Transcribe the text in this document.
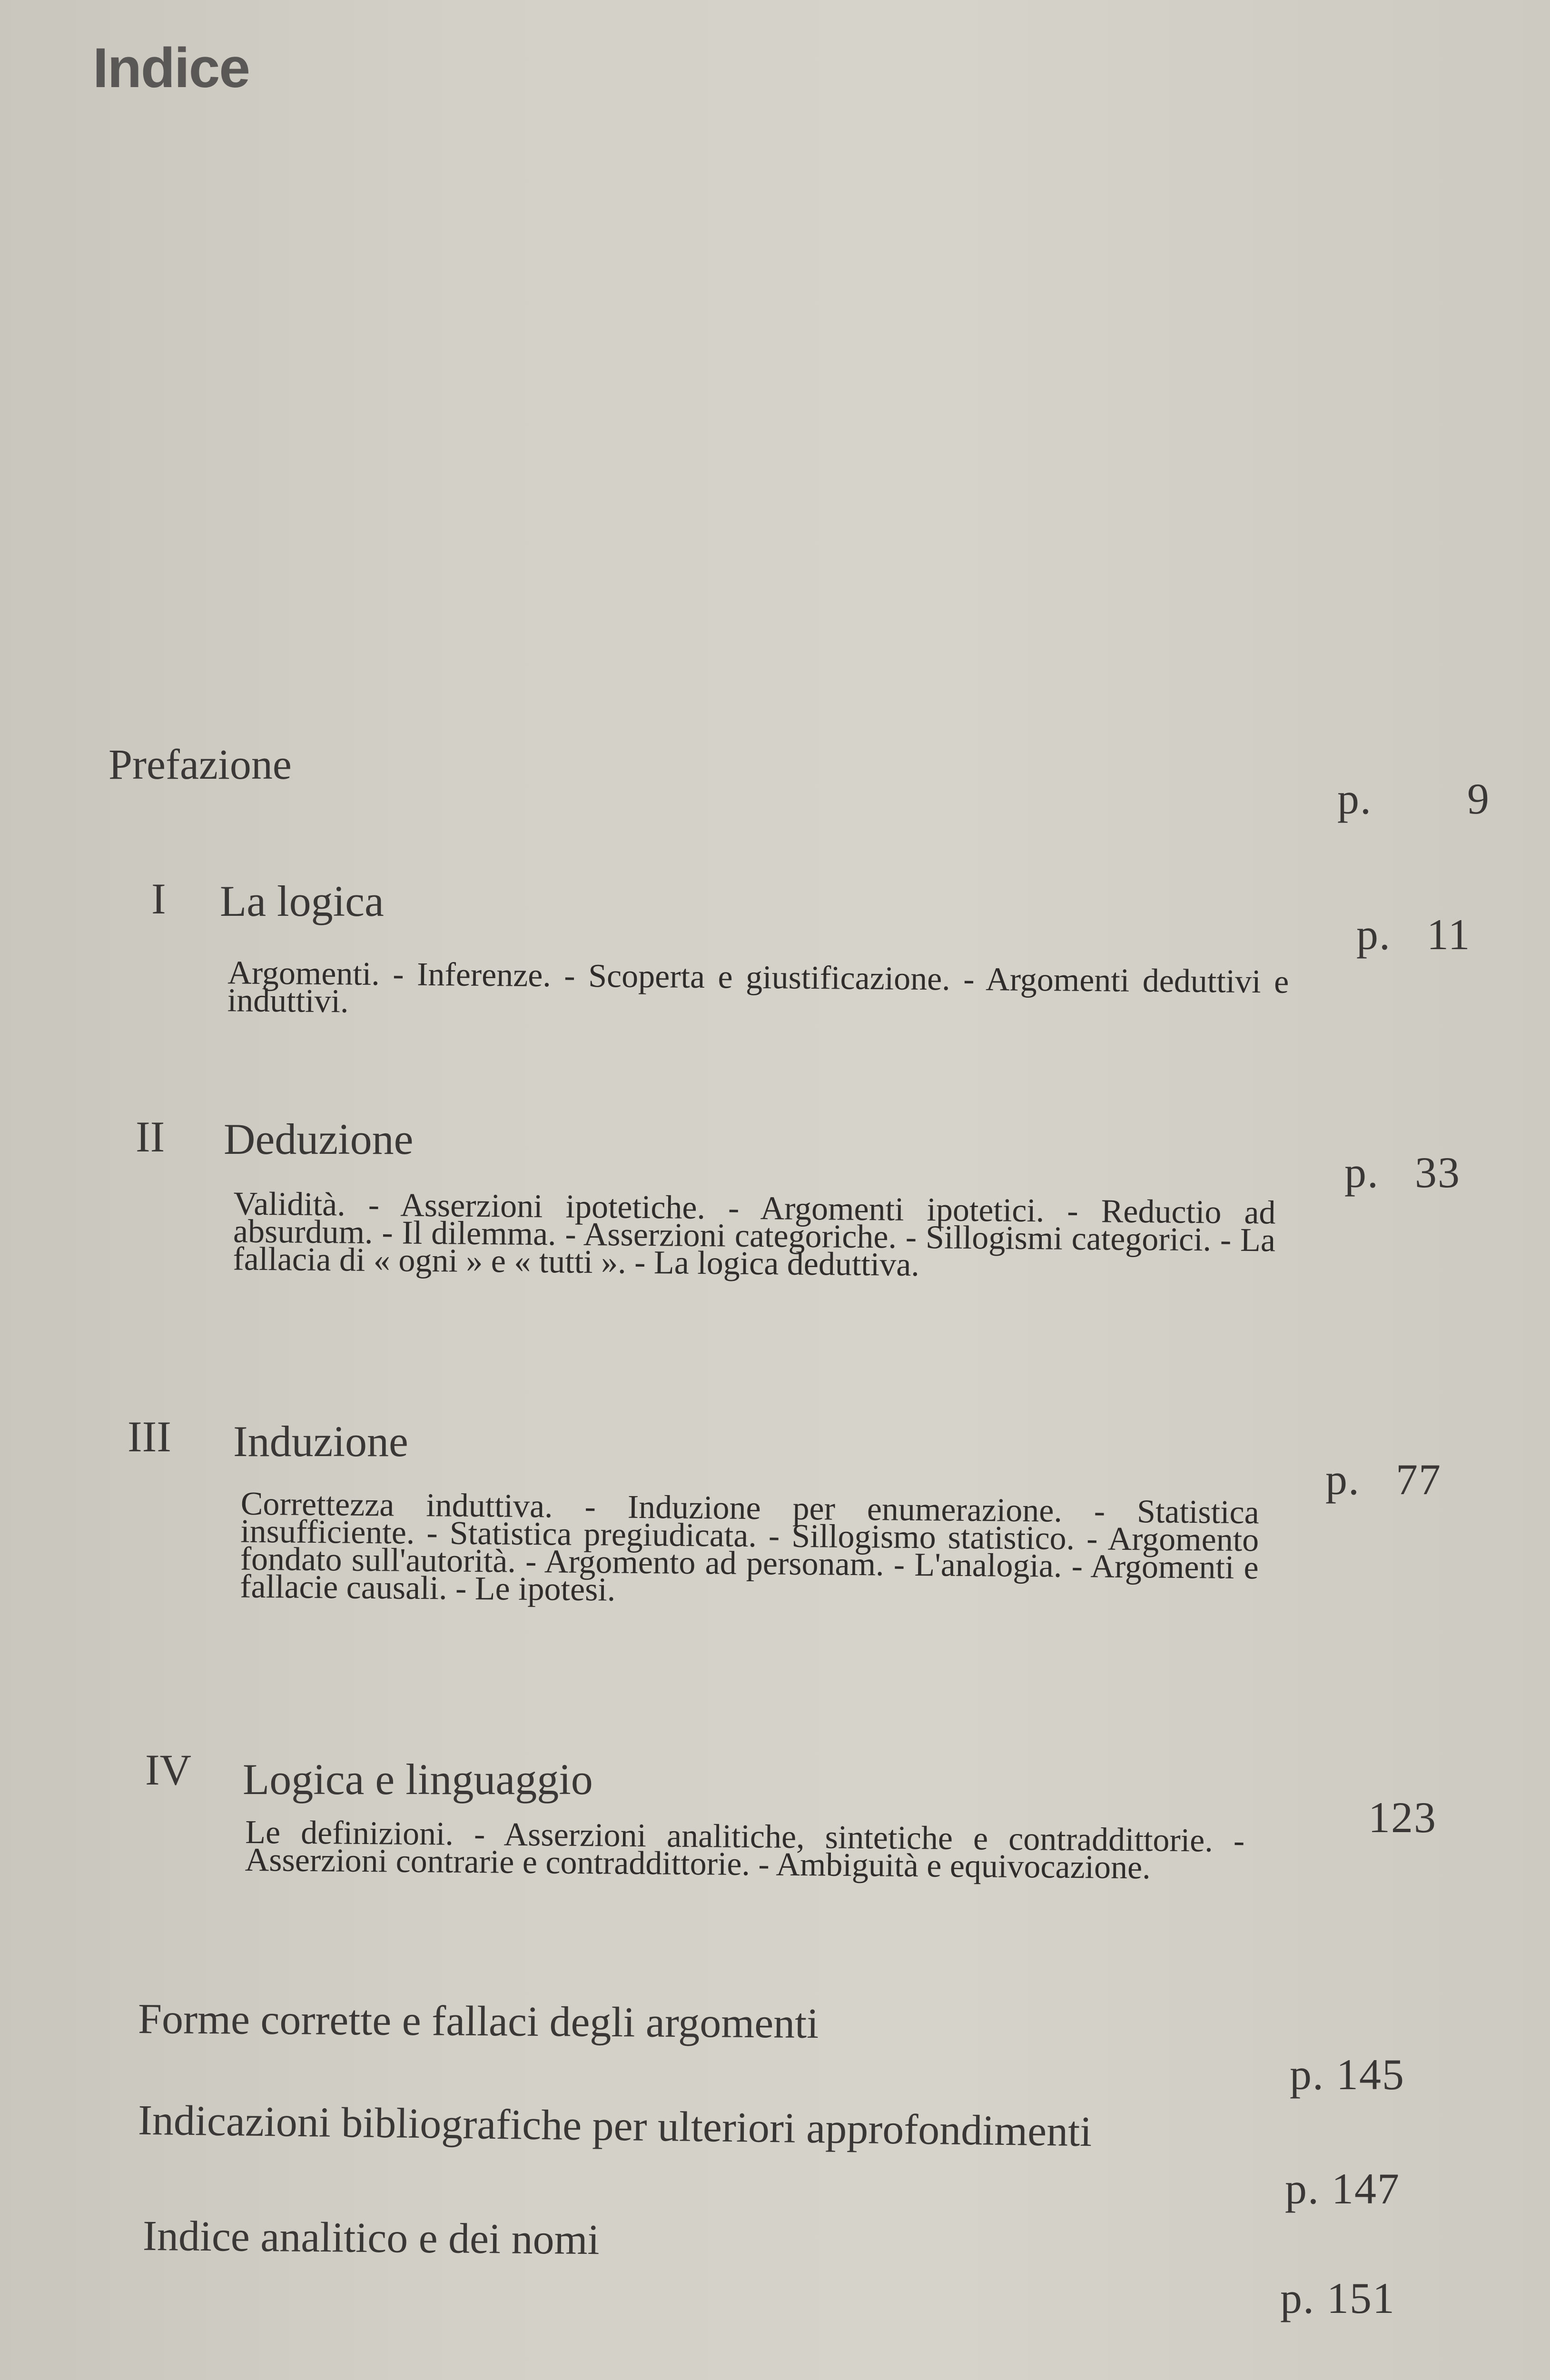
Indice

Prefazione

p.        9

I La logica

p.   11

Argomenti. - Inferenze. - Scoperta e giustificazione. - Argomenti deduttivi e induttivi.

II Deduzione

p.   33

Validità. - Asserzioni ipotetiche. - Argomenti ipotetici. - Reductio ad absurdum. - Il dilemma. - Asserzioni categoriche. - Sillogismi categorici. - La fallacia di « ogni » e « tutti ». - La logica deduttiva.

III Induzione

p.   77

Correttezza induttiva. - Induzione per enumerazione. - Statistica insufficiente. - Statistica pregiudicata. - Sillogismo statistico. - Argomento fondato sull'autorità. - Argomento ad personam. - L'analogia. - Argomenti e fallacie causali. - Le ipotesi.

IV Logica e linguaggio

123

Le definizioni. - Asserzioni analitiche, sintetiche e contraddittorie. - Asserzioni contrarie e contraddittorie. - Ambiguità e equivocazione.

Forme corrette e fallaci degli argomenti

p. 145

Indicazioni bibliografiche per ulteriori approfondimenti

p. 147

Indice analitico e dei nomi

p. 151
